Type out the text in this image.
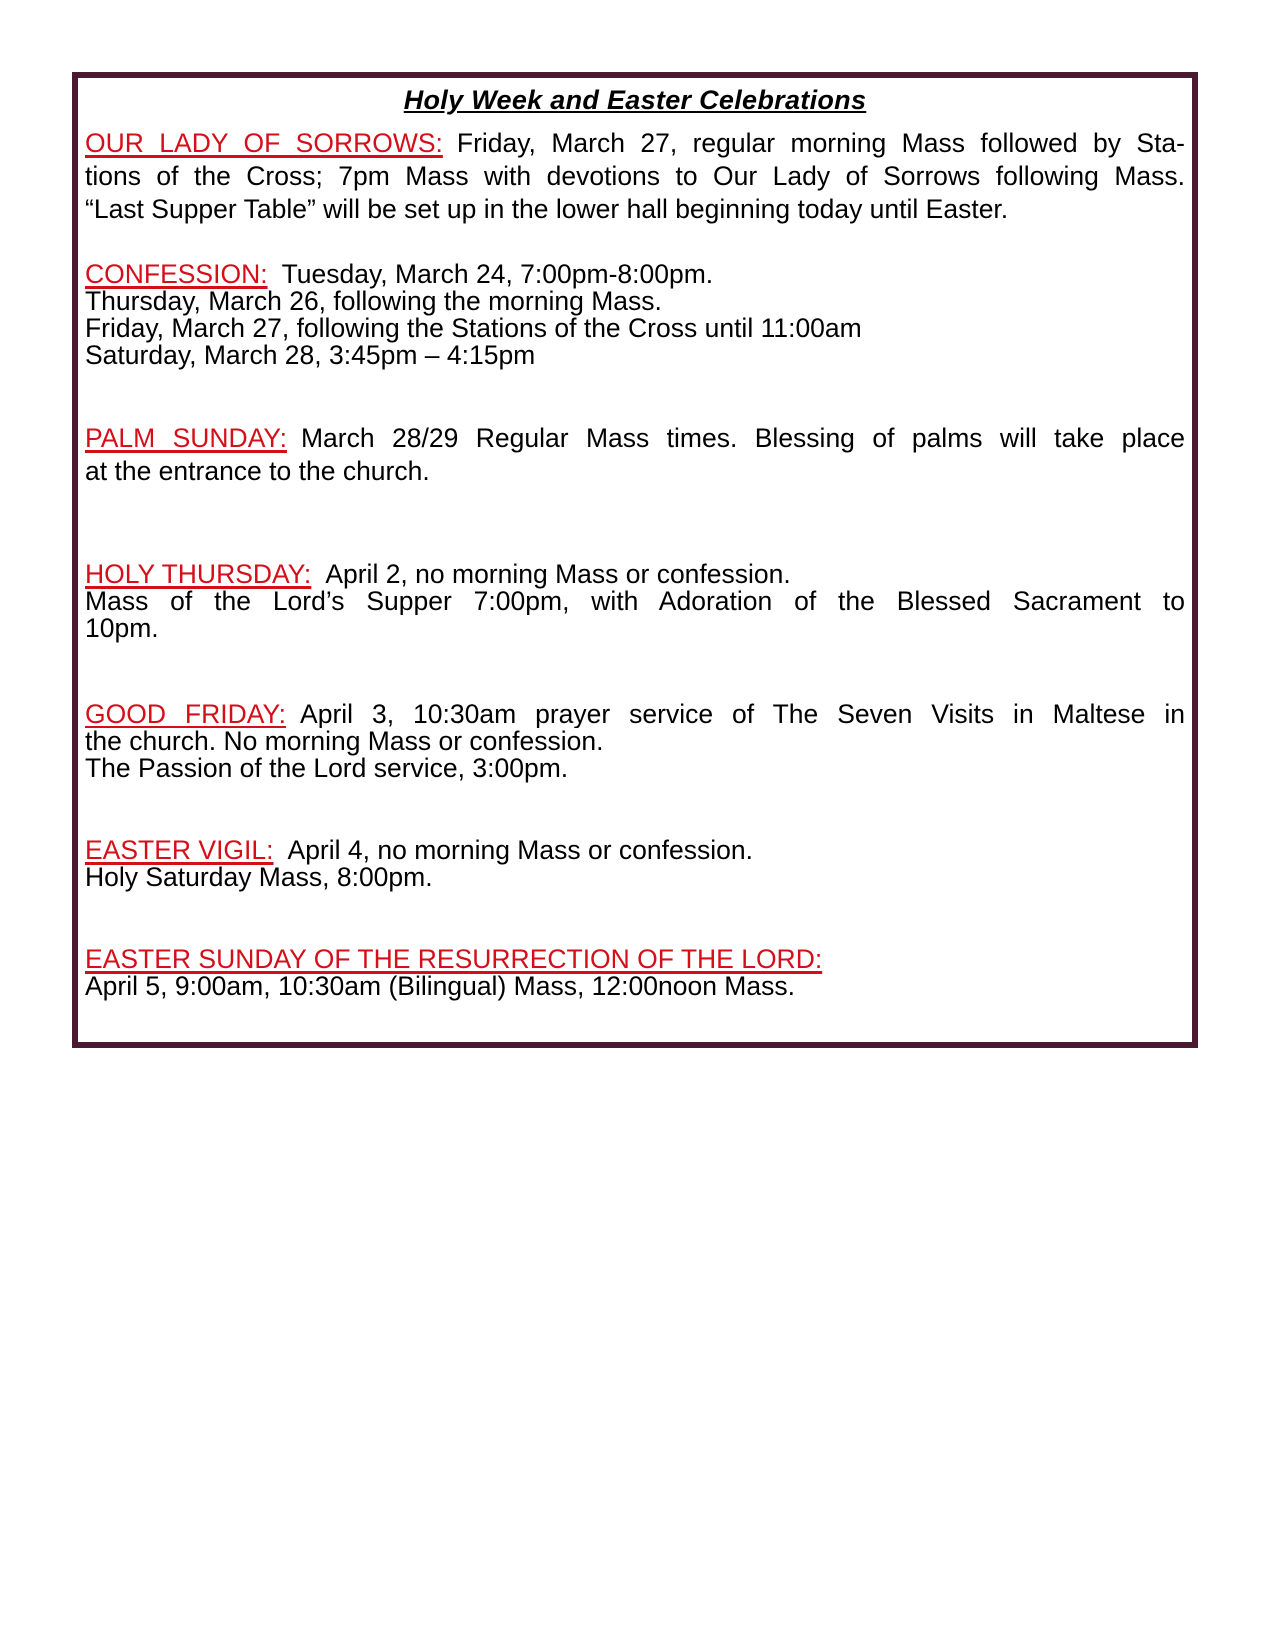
Holy Week and Easter Celebrations
OUR LADY OF SORROWS: Friday, March 27, regular morning Mass followed by Sta-
tions of the Cross; 7pm Mass with devotions to Our Lady of Sorrows following Mass.
“Last Supper Table” will be set up in the lower hall beginning today until Easter.
CONFESSION: Tuesday, March 24, 7:00pm-8:00pm.
Thursday, March 26, following the morning Mass.
Friday, March 27, following the Stations of the Cross until 11:00am
Saturday, March 28, 3:45pm – 4:15pm
PALM SUNDAY: March 28/29 Regular Mass times. Blessing of palms will take place
at the entrance to the church.
HOLY THURSDAY: April 2, no morning Mass or confession.
Mass of the Lord’s Supper 7:00pm, with Adoration of the Blessed Sacrament to
10pm.
GOOD FRIDAY: April 3, 10:30am prayer service of The Seven Visits in Maltese in
the church. No morning Mass or confession.
The Passion of the Lord service, 3:00pm.
EASTER VIGIL: April 4, no morning Mass or confession.
Holy Saturday Mass, 8:00pm.
EASTER SUNDAY OF THE RESURRECTION OF THE LORD:
April 5, 9:00am, 10:30am (Bilingual) Mass, 12:00noon Mass.
